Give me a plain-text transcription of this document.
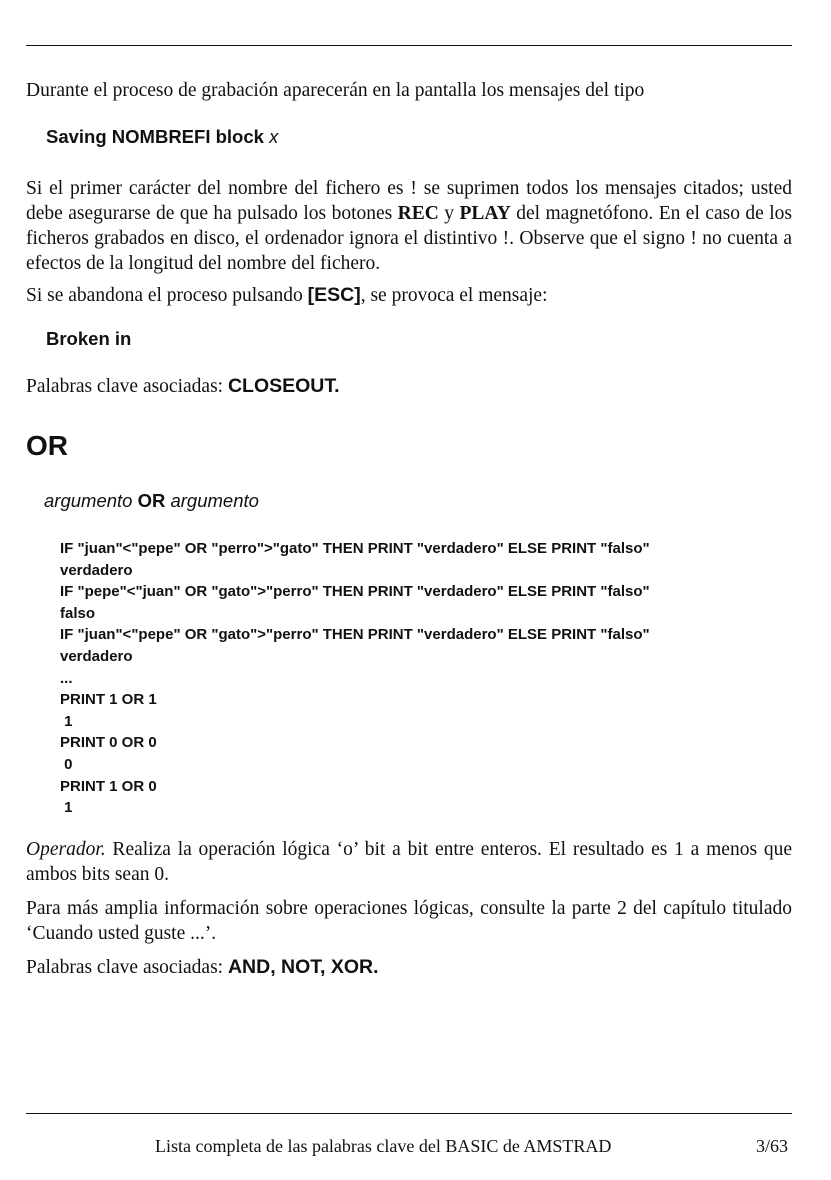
Durante el proceso de grabación aparecerán en la pantalla los mensajes del tipo
Saving NOMBREFI block x
Si el primer carácter del nombre del fichero es ! se suprimen todos los mensajes citados; usted debe asegurarse de que ha pulsado los botones REC y PLAY del magnetófono. En el caso de los ficheros grabados en disco, el ordenador ignora el distintivo !. Observe que el signo ! no cuenta a efectos de la longitud del nombre del fichero.
Si se abandona el proceso pulsando [ESC], se provoca el mensaje:
Broken in
Palabras clave asociadas: CLOSEOUT.
OR
argumento OR argumento
IF "juan"<"pepe" OR "perro">"gato" THEN PRINT "verdadero" ELSE PRINT "falso"
verdadero
IF "pepe"<"juan" OR "gato">"perro" THEN PRINT "verdadero" ELSE PRINT "falso"
falso
IF "juan"<"pepe" OR "gato">"perro" THEN PRINT "verdadero" ELSE PRINT "falso"
verdadero
...
PRINT 1 OR 1
1
PRINT 0 OR 0
0
PRINT 1 OR 0
1
Operador. Realiza la operación lógica ‘o’ bit a bit entre enteros. El resultado es 1 a menos que ambos bits sean 0.
Para más amplia información sobre operaciones lógicas, consulte la parte 2 del capítulo titulado ‘Cuando usted guste ...’.
Palabras clave asociadas: AND, NOT, XOR.
Lista completa de las palabras clave del BASIC de AMSTRAD	3/63
